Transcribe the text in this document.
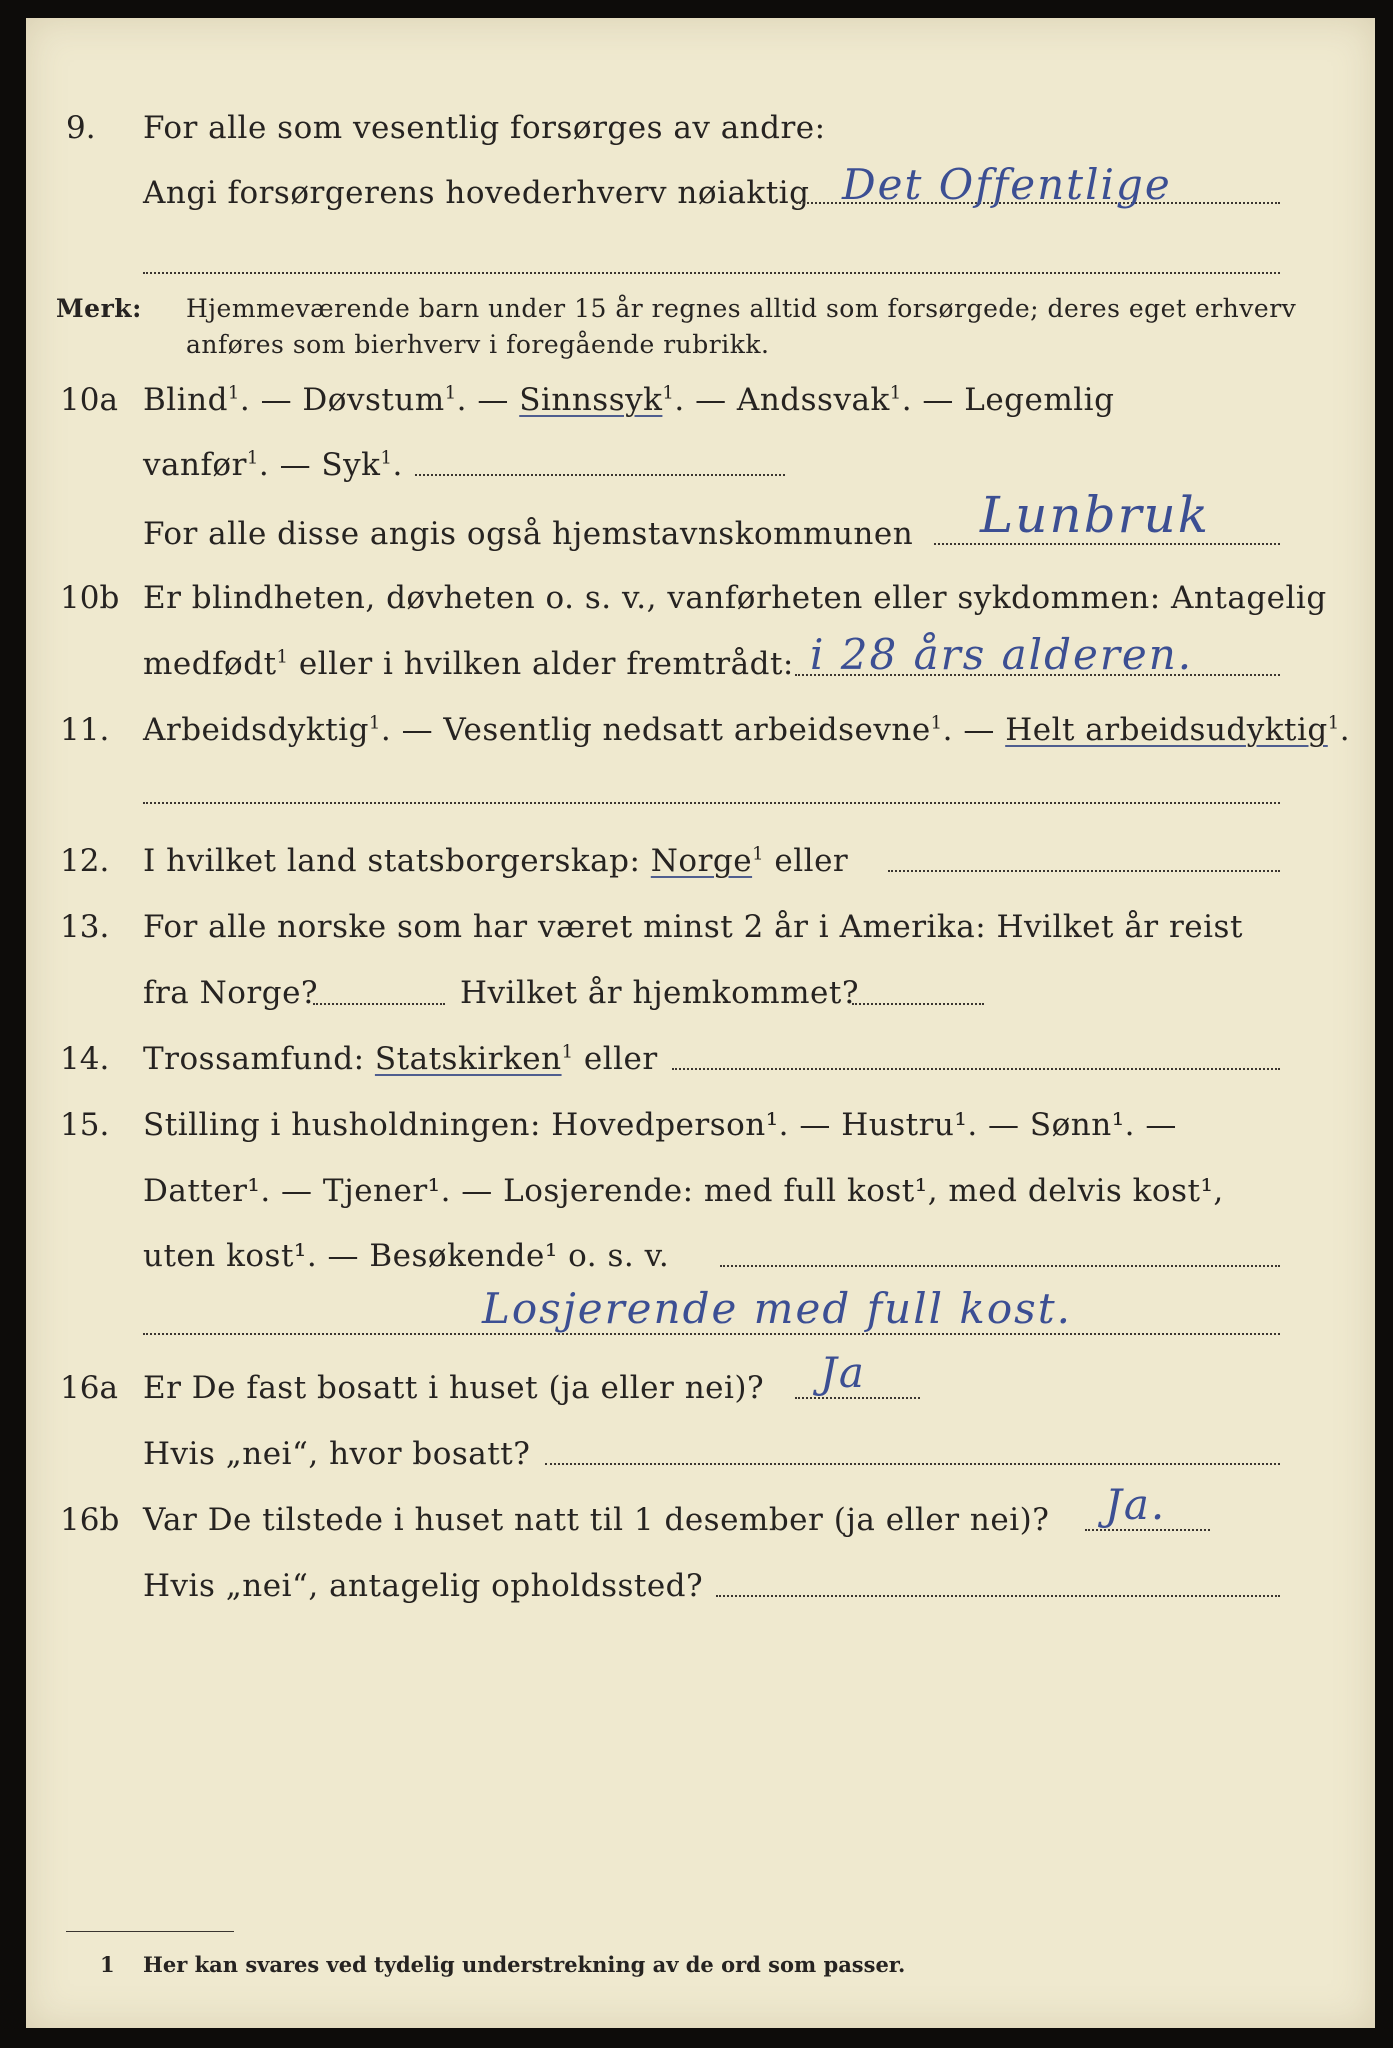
9. For alle som vesentlig forsørges av andre:
Angi forsørgerens hovederhverv nøiaktig Det Offentlige
Merk: Hjemmeværende barn under 15 år regnes alltid som forsørgede; deres eget erhverv
anføres som bierhverv i foregående rubrikk.
10a Blind$^1$. — Døvstum$^1$. — Sinnssyk$^1$. — Andssvak$^1$. — Legemlig
vanfør$^1$. — Syk$^1$.
For alle disse angis også hjemstavnskommunen Lunbruk
10b Er blindheten, døvheten o. s. v., vanførheten eller sykdommen: Antagelig
medfødt$^1$ eller i hvilken alder fremtrådt: i 28 års alderen.
11. Arbeidsdyktig$^1$. — Vesentlig nedsatt arbeidsevne$^1$. — Helt arbeidsudyktig$^1$.
12. I hvilket land statsborgerskap: Norge$^1$ eller
13. For alle norske som har været minst 2 år i Amerika: Hvilket år reist
fra Norge?	Hvilket år hjemkommet?
14. Trossamfund: Statskirken$^1$ eller
15. Stilling i husholdningen: Hovedperson¹. — Hustru¹. — Sønn¹. —
Datter¹. — Tjener¹. — Losjerende: med full kost¹, med delvis kost¹,
uten kost¹. — Besøkende¹ o. s. v.
Losjerende med full kost.
16a Er De fast bosatt i huset (ja eller nei)? Ja
Hvis „nei“, hvor bosatt?
16b Var De tilstede i huset natt til 1 desember (ja eller nei)? Ja.
Hvis „nei“, antagelig opholdssted?
1 Her kan svares ved tydelig understrekning av de ord som passer.
